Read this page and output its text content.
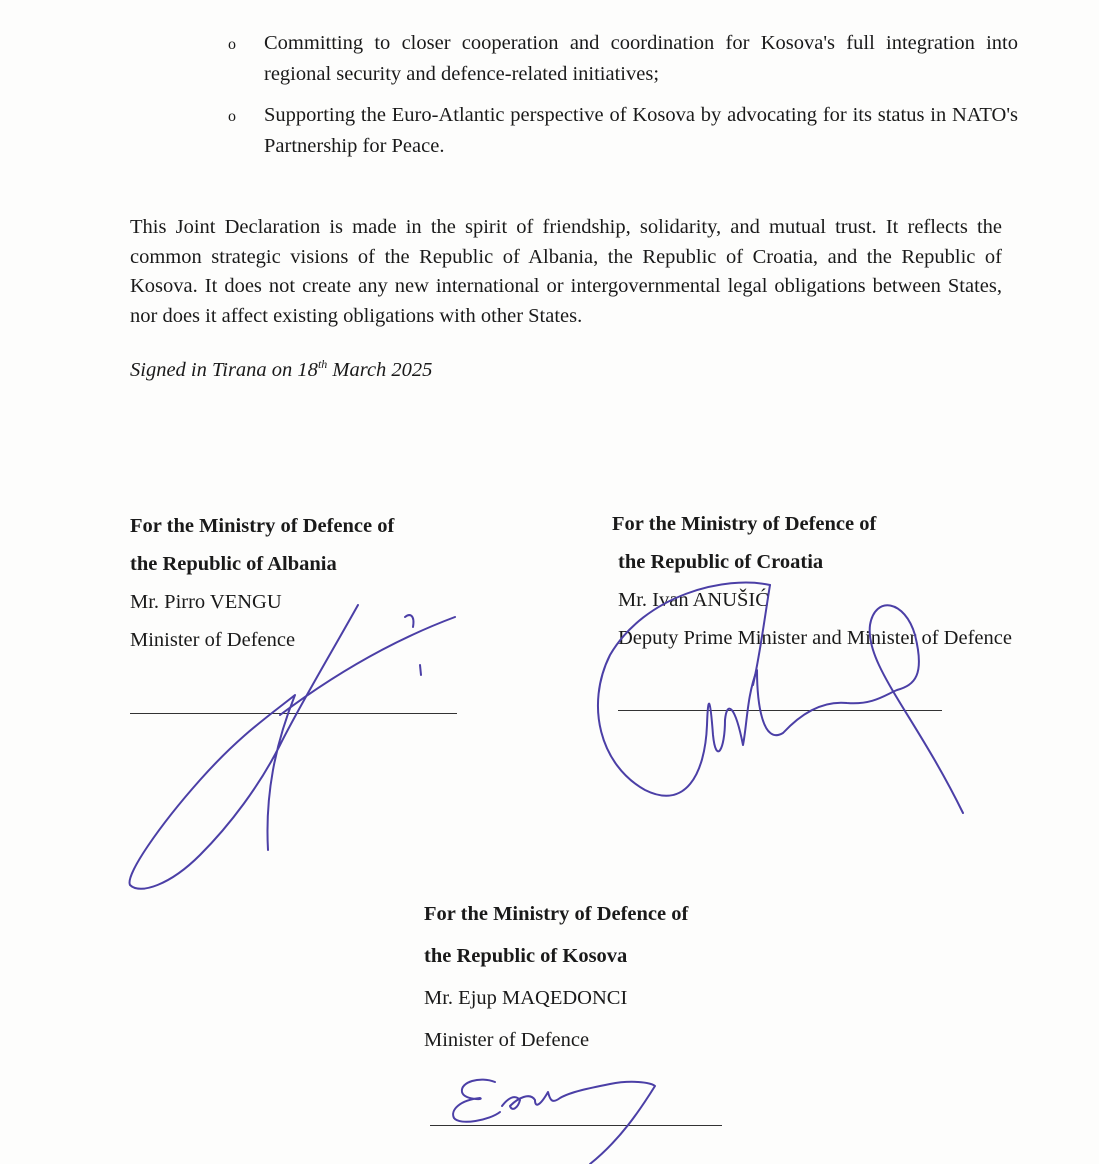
o Committing to closer cooperation and coordination for Kosova's full integration into regional security and defence-related initiatives;
o Supporting the Euro-Atlantic perspective of Kosova by advocating for its status in NATO's Partnership for Peace.

This Joint Declaration is made in the spirit of friendship, solidarity, and mutual trust. It reflects the common strategic visions of the Republic of Albania, the Republic of Croatia, and the Republic of Kosova. It does not create any new international or intergovernmental legal obligations between States, nor does it affect existing obligations with other States.

Signed in Tirana on 18th March 2025

For the Ministry of Defence of
the Republic of Albania
Mr. Pirro VENGU
Minister of Defence
For the Ministry of Defence of
the Republic of Croatia
Mr. Ivan ANUŠIĆ
Deputy Prime Minister and Minister of Defence
For the Ministry of Defence of
the Republic of Kosova
Mr. Ejup MAQEDONCI
Minister of Defence
